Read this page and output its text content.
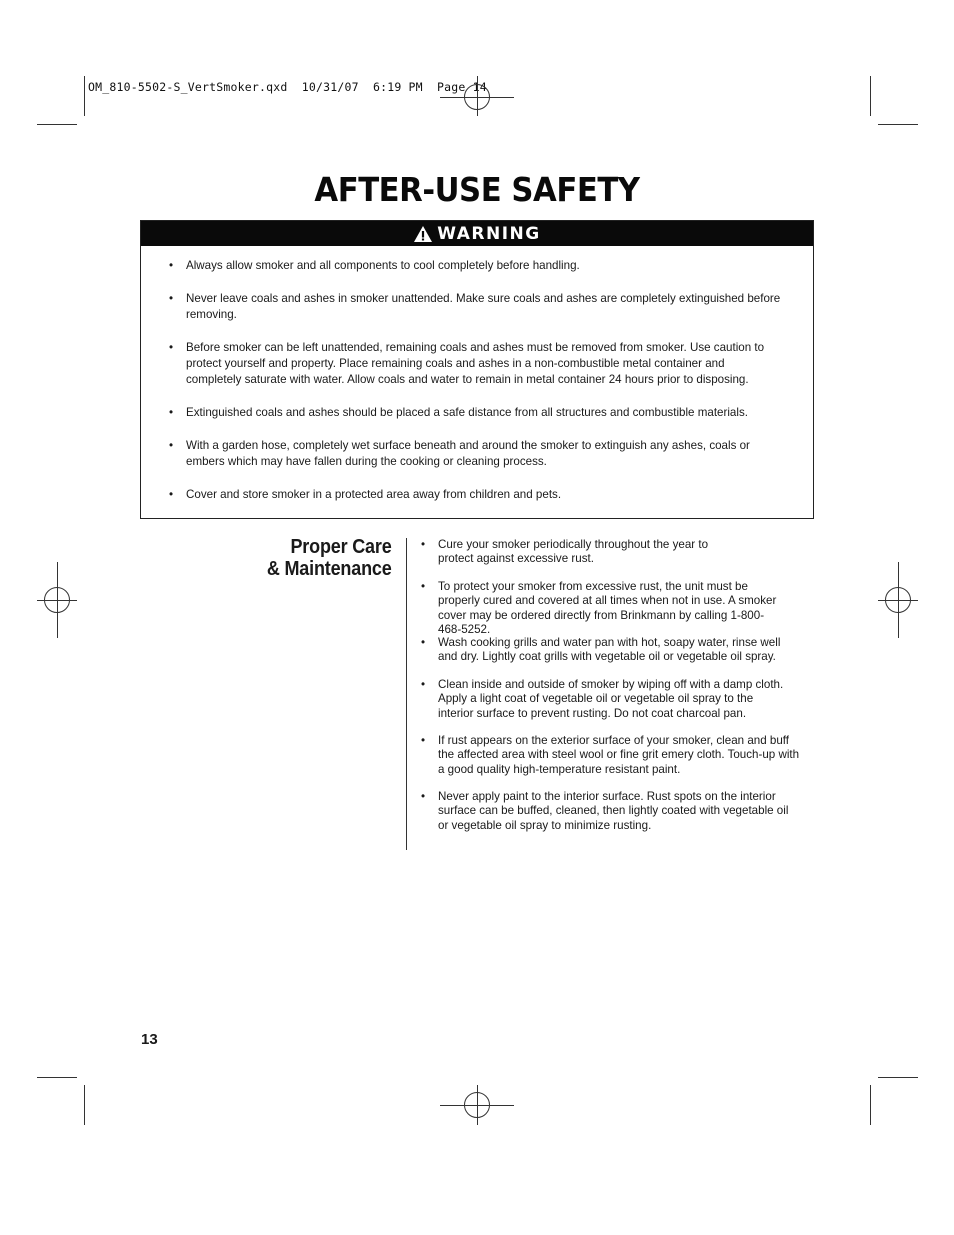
OM_810-5502-S_VertSmoker.qxd  10/31/07  6:19 PM  Page 14
AFTER-USE SAFETY
WARNING
• Always allow smoker and all components to cool completely before handling.
• Never leave coals and ashes in smoker unattended. Make sure coals and ashes are completely extinguished before removing.
• Before smoker can be left unattended, remaining coals and ashes must be removed from smoker. Use caution to protect yourself and property. Place remaining coals and ashes in a non-combustible metal container and completely saturate with water. Allow coals and water to remain in metal container 24 hours prior to disposing.
• Extinguished coals and ashes should be placed a safe distance from all structures and combustible materials.
• With a garden hose, completely wet surface beneath and around the smoker to extinguish any ashes, coals or embers which may have fallen during the cooking or cleaning process.
• Cover and store smoker in a protected area away from children and pets.
Proper Care
& Maintenance
• Cure your smoker periodically throughout the year to protect against excessive rust.
• To protect your smoker from excessive rust, the unit must be properly cured and covered at all times when not in use. A smoker cover may be ordered directly from Brinkmann by calling 1-800-468-5252.
• Wash cooking grills and water pan with hot, soapy water, rinse well and dry. Lightly coat grills with vegetable oil or vegetable oil spray.
• Clean inside and outside of smoker by wiping off with a damp cloth. Apply a light coat of vegetable oil or vegetable oil spray to the interior surface to prevent rusting. Do not coat charcoal pan.
• If rust appears on the exterior surface of your smoker, clean and buff the affected area with steel wool or fine grit emery cloth. Touch-up with a good quality high-temperature resistant paint.
• Never apply paint to the interior surface. Rust spots on the interior surface can be buffed, cleaned, then lightly coated with vegetable oil or vegetable oil spray to minimize rusting.
13
